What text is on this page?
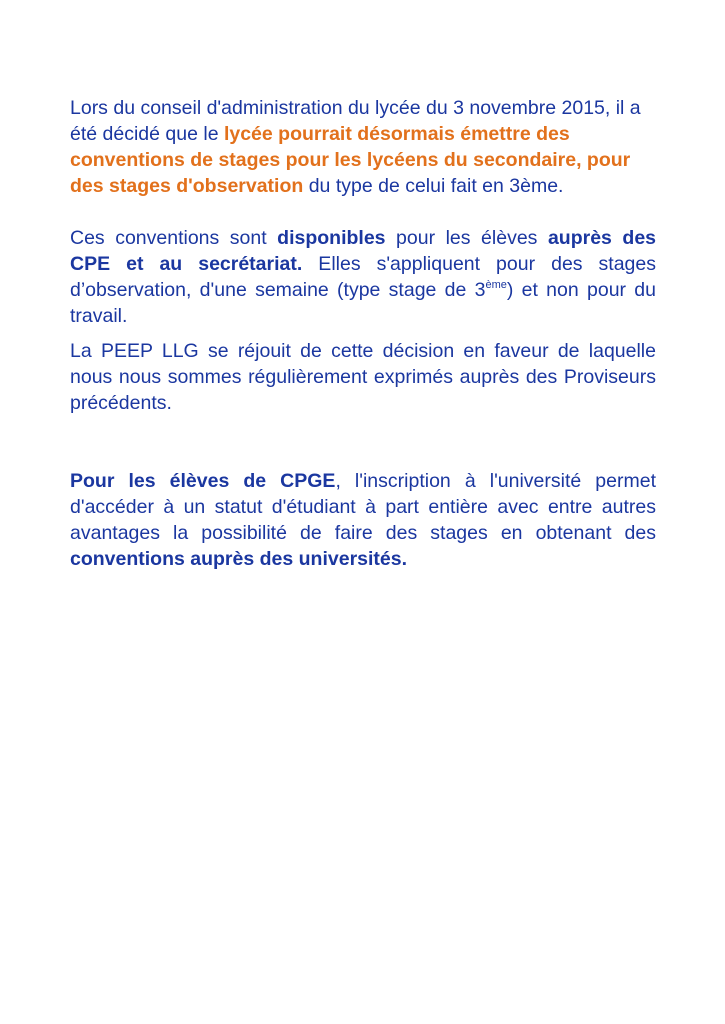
Lors du conseil d'administration du lycée du 3 novembre 2015, il a été décidé que le lycée pourrait désormais émettre des conventions de stages pour les lycéens du secondaire, pour des stages d'observation du type de celui fait en 3ème.

Ces conventions sont disponibles pour les élèves auprès des CPE et au secrétariat. Elles s'appliquent pour des stages d’observation, d'une semaine (type stage de 3ème) et non pour du travail.

La PEEP LLG se réjouit de cette décision en faveur de laquelle nous nous sommes régulièrement exprimés auprès des Proviseurs précédents.

Pour les élèves de CPGE, l'inscription à l'université permet d'accéder à un statut d'étudiant à part entière avec entre autres avantages la possibilité de faire des stages en obtenant des conventions auprès des universités.
